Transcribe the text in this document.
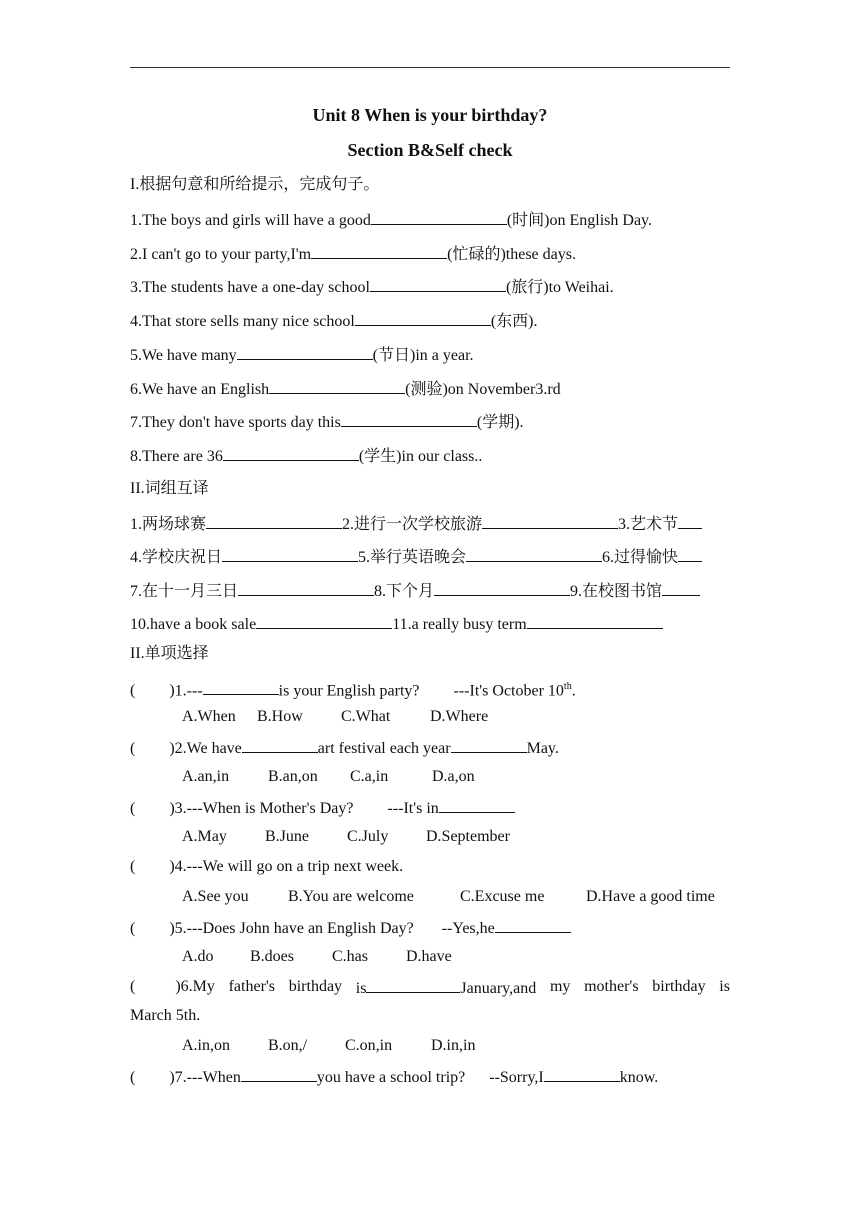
Unit 8 When is your birthday?
Section B&Self check
I.根据句意和所给提示，完成句子。
1.The boys and girls will have a good	(时间)on English Day.
2.I can't go to your party,I'm	(忙碌的)these days.
3.The students have a one-day school	(旅行)to Weihai.
4.That store sells many nice school	(东西).
5.We have many	(节日)in a year.
6.We have an English	(测验)on November3.rd
7.They don't have sports day this	(学期).
8.There are 36	(学生)in our class..
II.词组互译
1.两场球赛	2.进行一次学校旅游	3.艺术节
4.学校庆祝日	5.举行英语晚会	6.过得愉快
7.在十一月三日	8.下个月	9.在校图书馆
10.have a book sale	11.a really busy term
II.单项选择
( )1.---	is your English party? ---It's October 10th.
A.When B.How C.What D.Where
( )2.We have	art festival each year	May.
A.an,in B.an,on C.a,in	D.a,on
( )3.---When is Mother's Day? ---It's in
A.May B.June C.July D.September
( )4.---We will go on a trip next week.
A.See you B.You are welcome	C.Excuse me	D.Have a good time
( )5.---Does John have an English Day? --Yes,he
A.do B.does C.has D.have
(	)6.My father's birthday is	January,and my mother's birthday is
March 5th.
A.in,on B.on,/ C.on,in D.in,in
( )7.---When	you have a school trip? --Sorry,I	know.
